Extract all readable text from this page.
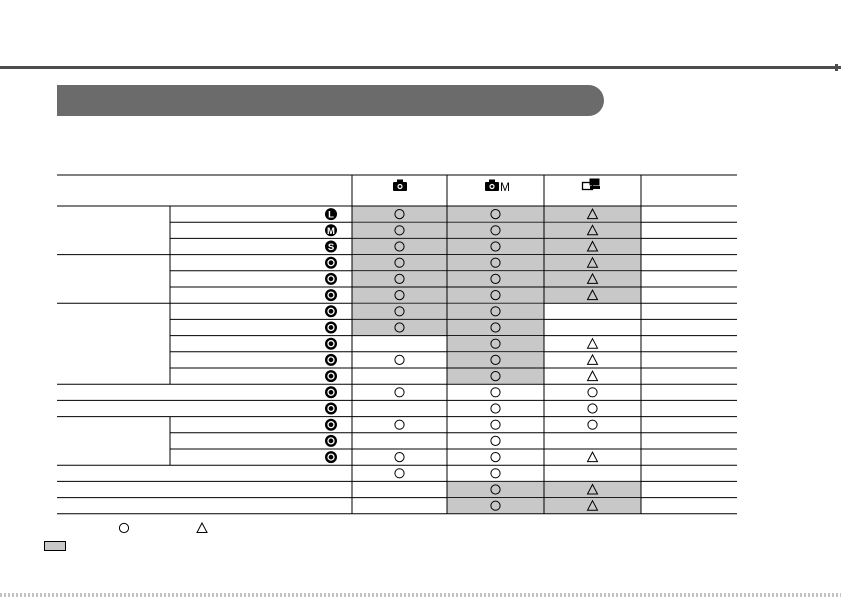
M
L
M
S
